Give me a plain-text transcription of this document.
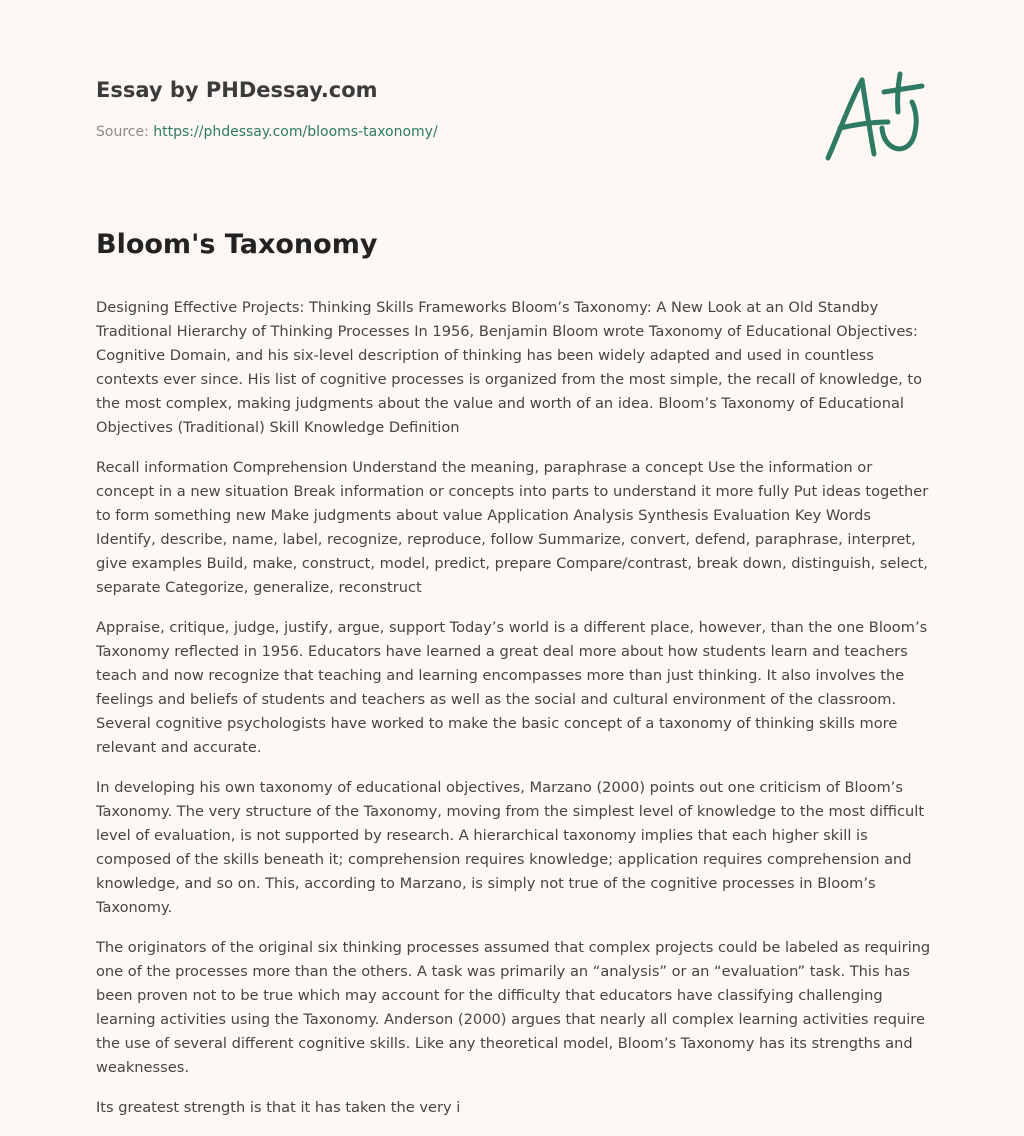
Essay by PHDessay.com
Source: https://phdessay.com/blooms-taxonomy/
Bloom's Taxonomy

Designing Effective Projects: Thinking Skills Frameworks Bloom’s Taxonomy: A New Look at an Old Standby Traditional Hierarchy of Thinking Processes In 1956, Benjamin Bloom wrote Taxonomy of Educational Objectives: Cognitive Domain, and his six-level description of thinking has been widely adapted and used in countless contexts ever since. His list of cognitive processes is organized from the most simple, the recall of knowledge, to the most complex, making judgments about the value and worth of an idea. Bloom’s Taxonomy of Educational Objectives (Traditional) Skill Knowledge Definition

Recall information Comprehension Understand the meaning, paraphrase a concept Use the information or concept in a new situation Break information or concepts into parts to understand it more fully Put ideas together to form something new Make judgments about value Application Analysis Synthesis Evaluation Key Words Identify, describe, name, label, recognize, reproduce, follow Summarize, convert, defend, paraphrase, interpret, give examples Build, make, construct, model, predict, prepare Compare/contrast, break down, distinguish, select, separate Categorize, generalize, reconstruct

Appraise, critique, judge, justify, argue, support Today’s world is a different place, however, than the one Bloom’s Taxonomy reflected in 1956. Educators have learned a great deal more about how students learn and teachers teach and now recognize that teaching and learning encompasses more than just thinking. It also involves the feelings and beliefs of students and teachers as well as the social and cultural environment of the classroom. Several cognitive psychologists have worked to make the basic concept of a taxonomy of thinking skills more relevant and accurate.

In developing his own taxonomy of educational objectives, Marzano (2000) points out one criticism of Bloom’s Taxonomy. The very structure of the Taxonomy, moving from the simplest level of knowledge to the most difficult level of evaluation, is not supported by research. A hierarchical taxonomy implies that each higher skill is composed of the skills beneath it; comprehension requires knowledge; application requires comprehension and knowledge, and so on. This, according to Marzano, is simply not true of the cognitive processes in Bloom’s Taxonomy.

The originators of the original six thinking processes assumed that complex projects could be labeled as requiring one of the processes more than the others. A task was primarily an “analysis” or an “evaluation” task. This has been proven not to be true which may account for the difficulty that educators have classifying challenging learning activities using the Taxonomy. Anderson (2000) argues that nearly all complex learning activities require the use of several different cognitive skills. Like any theoretical model, Bloom’s Taxonomy has its strengths and weaknesses.

Its greatest strength is that it has taken the very i
